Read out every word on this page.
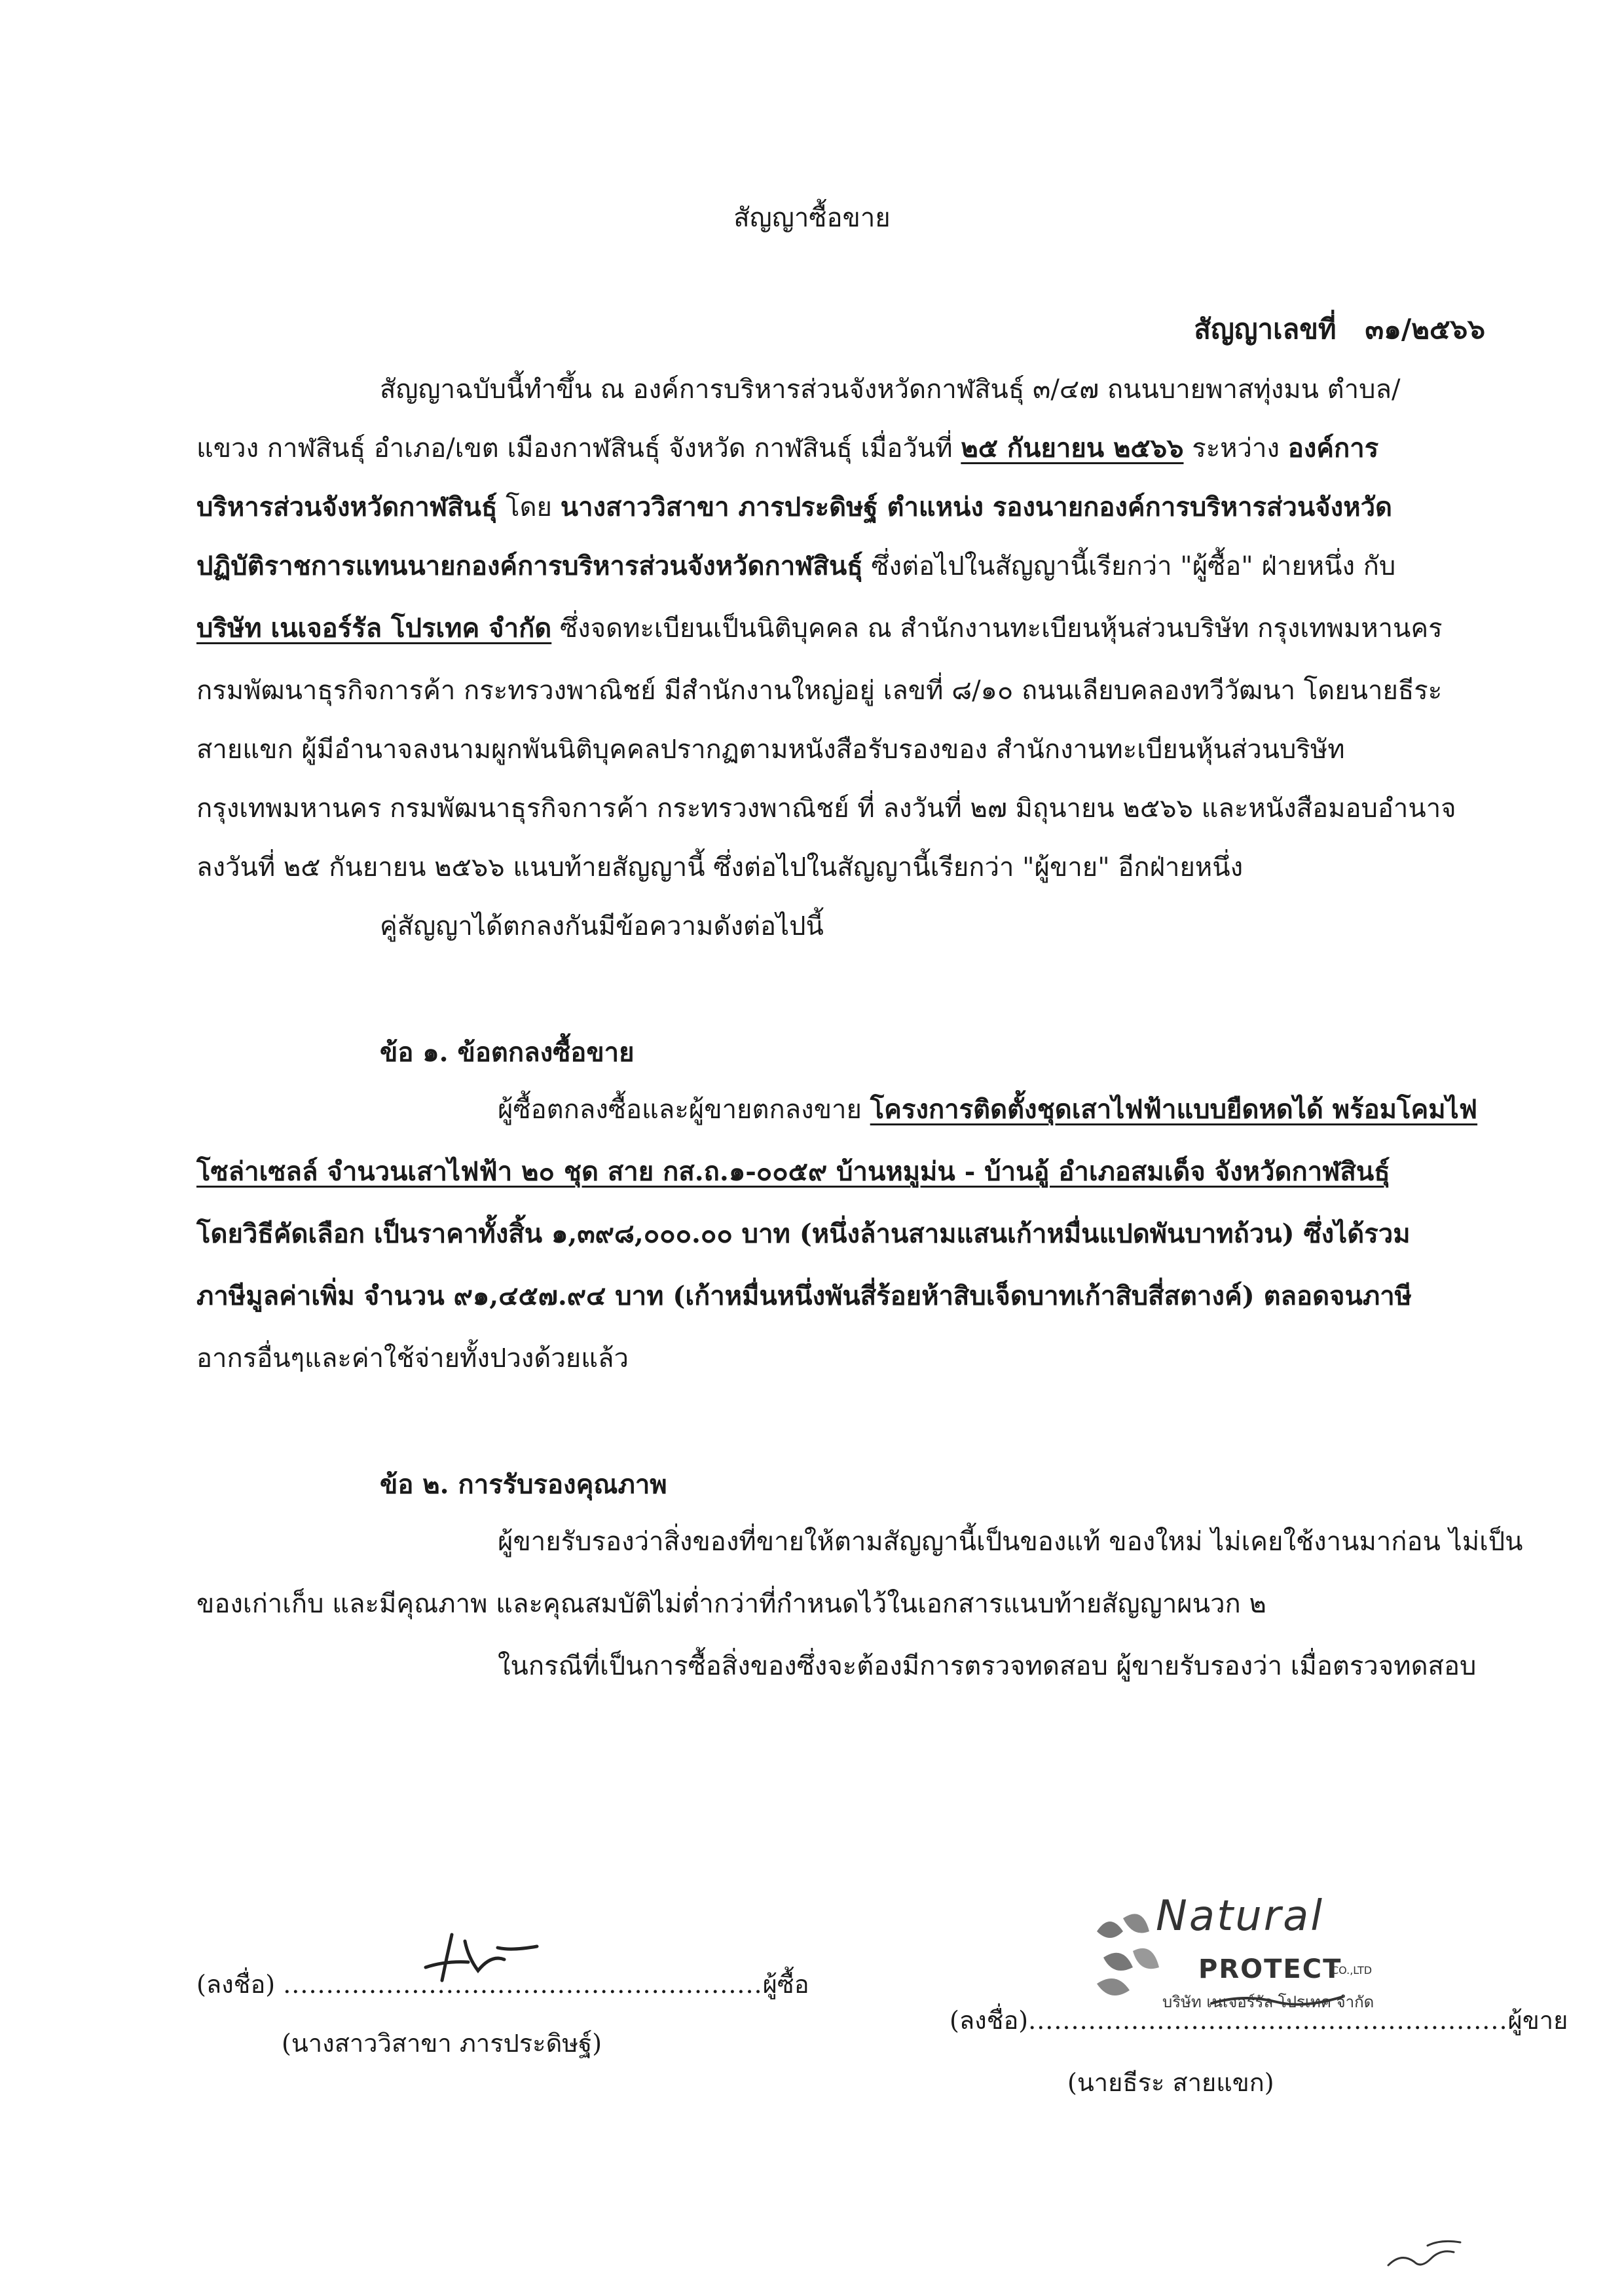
สัญญาซื้อขาย
สัญญาเลขที่ ๓๑/๒๕๖๖
สัญญาฉบับนี้ทำขึ้น ณ องค์การบริหารส่วนจังหวัดกาฬสินธุ์ ๓/๔๗ ถนนบายพาสทุ่งมน ตำบล/
แขวง กาฬสินธุ์ อำเภอ/เขต เมืองกาฬสินธุ์ จังหวัด กาฬสินธุ์ เมื่อวันที่ ๒๕ กันยายน ๒๕๖๖ ระหว่าง องค์การ
บริหารส่วนจังหวัดกาฬสินธุ์ โดย นางสาววิสาขา ภารประดิษฐ์ ตำแหน่ง รองนายกองค์การบริหารส่วนจังหวัด
ปฏิบัติราชการแทนนายกองค์การบริหารส่วนจังหวัดกาฬสินธุ์ ซึ่งต่อไปในสัญญานี้เรียกว่า "ผู้ซื้อ" ฝ่ายหนึ่ง กับ
บริษัท เนเจอร์รัล โปรเทค จำกัด ซึ่งจดทะเบียนเป็นนิติบุคคล ณ สำนักงานทะเบียนหุ้นส่วนบริษัท กรุงเทพมหานคร
กรมพัฒนาธุรกิจการค้า กระทรวงพาณิชย์ มีสำนักงานใหญ่อยู่ เลขที่ ๘/๑๐ ถนนเลียบคลองทวีวัฒนา โดยนายธีระ
สายแขก ผู้มีอำนาจลงนามผูกพันนิติบุคคลปรากฏตามหนังสือรับรองของ สำนักงานทะเบียนหุ้นส่วนบริษัท
กรุงเทพมหานคร กรมพัฒนาธุรกิจการค้า กระทรวงพาณิชย์ ที่ ลงวันที่ ๒๗ มิถุนายน ๒๕๖๖ และหนังสือมอบอำนาจ
ลงวันที่ ๒๕ กันยายน ๒๕๖๖ แนบท้ายสัญญานี้ ซึ่งต่อไปในสัญญานี้เรียกว่า "ผู้ขาย" อีกฝ่ายหนึ่ง
คู่สัญญาได้ตกลงกันมีข้อความดังต่อไปนี้
ข้อ ๑. ข้อตกลงซื้อขาย
ผู้ซื้อตกลงซื้อและผู้ขายตกลงขาย โครงการติดตั้งชุดเสาไฟฟ้าแบบยืดหดได้ พร้อมโคมไฟ
โซล่าเซลล์ จำนวนเสาไฟฟ้า ๒๐ ชุด สาย กส.ถ.๑-๐๐๕๙ บ้านหมูม่น - บ้านอู้ อำเภอสมเด็จ จังหวัดกาฬสินธุ์
โดยวิธีคัดเลือก เป็นราคาทั้งสิ้น ๑,๓๙๘,๐๐๐.๐๐ บาท (หนึ่งล้านสามแสนเก้าหมื่นแปดพันบาทถ้วน) ซึ่งได้รวม
ภาษีมูลค่าเพิ่ม จำนวน ๙๑,๔๕๗.๙๔ บาท (เก้าหมื่นหนึ่งพันสี่ร้อยห้าสิบเจ็ดบาทเก้าสิบสี่สตางค์) ตลอดจนภาษี
อากรอื่นๆและค่าใช้จ่ายทั้งปวงด้วยแล้ว
ข้อ ๒. การรับรองคุณภาพ
ผู้ขายรับรองว่าสิ่งของที่ขายให้ตามสัญญานี้เป็นของแท้ ของใหม่ ไม่เคยใช้งานมาก่อน ไม่เป็น
ของเก่าเก็บ และมีคุณภาพ และคุณสมบัติไม่ต่ำกว่าที่กำหนดไว้ในเอกสารแนบท้ายสัญญาผนวก ๒
ในกรณีที่เป็นการซื้อสิ่งของซึ่งจะต้องมีการตรวจทดสอบ ผู้ขายรับรองว่า เมื่อตรวจทดสอบ
(ลงชื่อ) ........................................................ผู้ซื้อ
(นางสาววิสาขา ภารประดิษฐ์)
Natural
PROTECT
CO.,LTD
บริษัท เนเจอร์รัล โปรเทค จำกัด
(ลงชื่อ)........................................................ผู้ขาย
(นายธีระ สายแขก)
